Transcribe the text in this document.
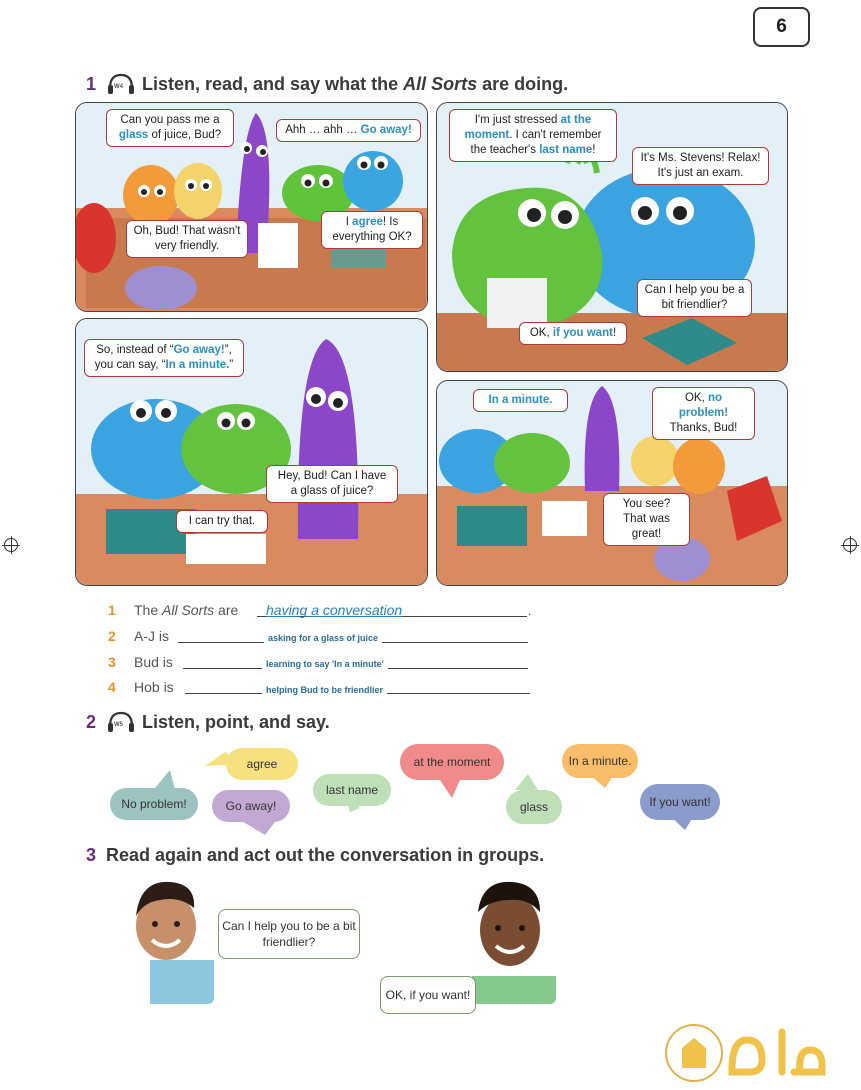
6
1	W4 Listen, read, and say what the All Sorts are doing.
Can you pass me a
glass of juice, Bud?	Ahh … ahh … Go away!
Oh, Bud! That wasn't very friendly.
I agree! Is everything OK?
I'm just stressed at the moment. I can't remember the teacher's last name!
It's Ms. Stevens! Relax! It's just an exam.
Can I help you be a bit friendlier?
OK, if you want!
So, instead of “Go away!”, you can say, “In a minute.”
Hey, Bud! Can I have a glass of juice?
I can try that.
In a minute.	OK, no problem!
Thanks, Bud!
You see? That was great!
1 The All Sorts are having a conversation	.
2 A-J is	asking for a glass of juice
3 Bud is	learning to say 'In a minute'
4 Hob is	helping Bud to be friendlier
2	W5 Listen, point, and say.
No problem!
agree
Go away!
last name
at the moment
glass
In a minute.
If you want!
3 Read again and act out the conversation in groups.
Can I help you to be a bit friendlier?
OK, if you want!
